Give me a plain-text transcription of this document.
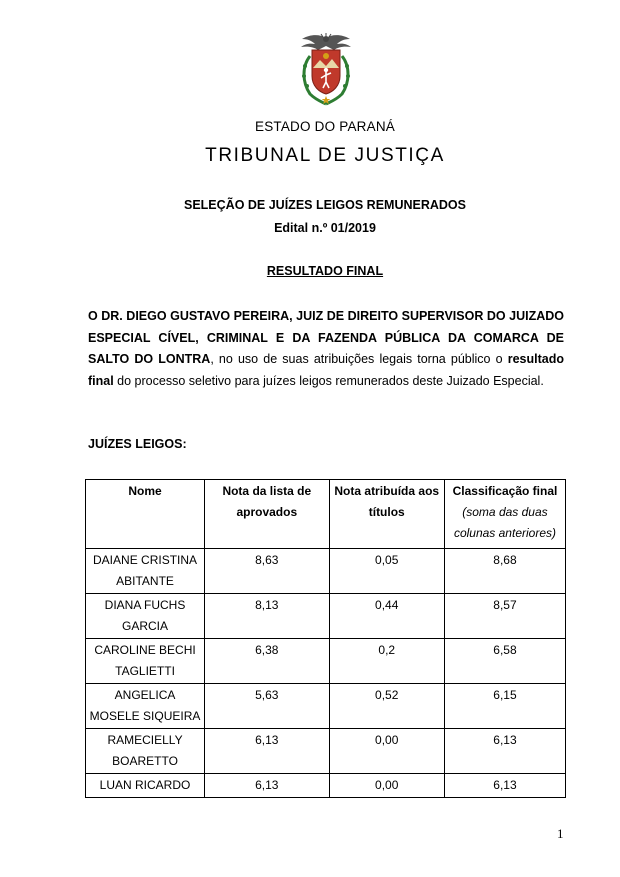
ESTADO DO PARANÁ
TRIBUNAL DE JUSTIÇA
SELEÇÃO DE JUÍZES LEIGOS REMUNERADOS
Edital n.º 01/2019
RESULTADO FINAL
O DR. DIEGO GUSTAVO PEREIRA, JUIZ DE DIREITO SUPERVISOR DO JUIZADO ESPECIAL CÍVEL, CRIMINAL E DA FAZENDA PÚBLICA DA COMARCA DE SALTO DO LONTRA, no uso de suas atribuições legais torna público o resultado final do processo seletivo para juízes leigos remunerados deste Juizado Especial.
JUÍZES LEIGOS:
Nome	Nota da lista de aprovados	Nota atribuída aos títulos	Classificação final
(soma das duas colunas anteriores)

DAIANE CRISTINA ABITANTE	8,63	0,05	8,68
DIANA FUCHS GARCIA	8,13	0,44	8,57
CAROLINE BECHI TAGLIETTI	6,38	0,2	6,58
ANGELICA MOSELE SIQUEIRA	5,63	0,52	6,15
RAMECIELLY BOARETTO	6,13	0,00	6,13
LUAN RICARDO	6,13	0,00	6,13
1
